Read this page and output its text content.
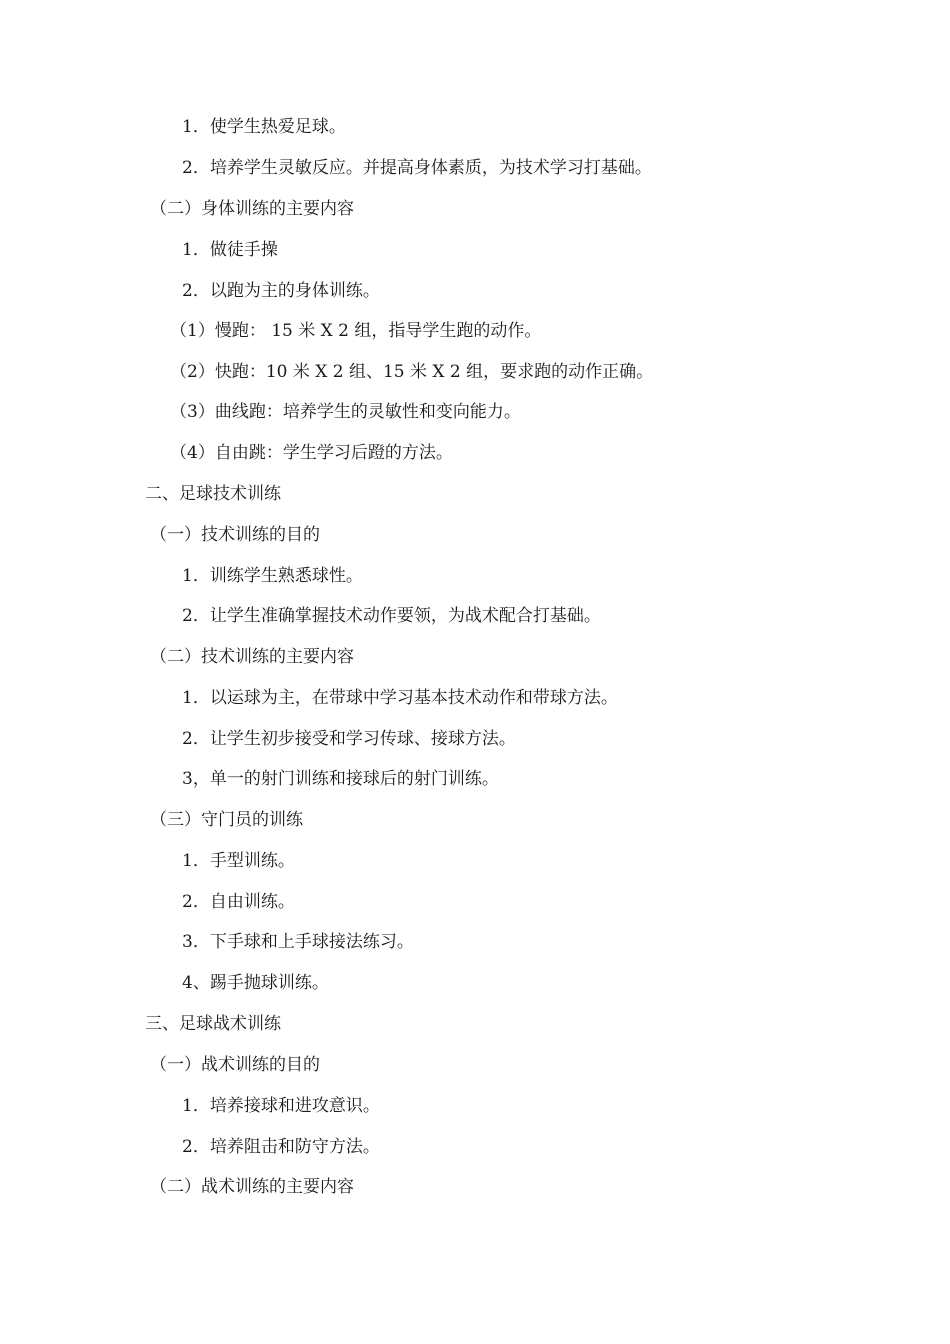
1．使学生热爱足球。
2．培养学生灵敏反应。并提高身体素质，为技术学习打基础。
（二）身体训练的主要内容
1．做徒手操
2．以跑为主的身体训练。
（1）慢跑： 15 米 X 2 组，指导学生跑的动作。
（2）快跑：10 米 X 2 组、15 米 X 2 组，要求跑的动作正确。
（3）曲线跑：培养学生的灵敏性和变向能力。
（4）自由跳：学生学习后蹬的方法。
二、足球技术训练
（一）技术训练的目的
1．训练学生熟悉球性。
2．让学生准确掌握技术动作要领，为战术配合打基础。
（二）技术训练的主要内容
1．以运球为主，在带球中学习基本技术动作和带球方法。
2．让学生初步接受和学习传球、接球方法。
3，单一的射门训练和接球后的射门训练。
（三）守门员的训练
1．手型训练。
2．自由训练。
3．下手球和上手球接法练习。
4、踢手抛球训练。
三、足球战术训练
（一）战术训练的目的
1．培养接球和进攻意识。
2．培养阻击和防守方法。
（二）战术训练的主要内容
